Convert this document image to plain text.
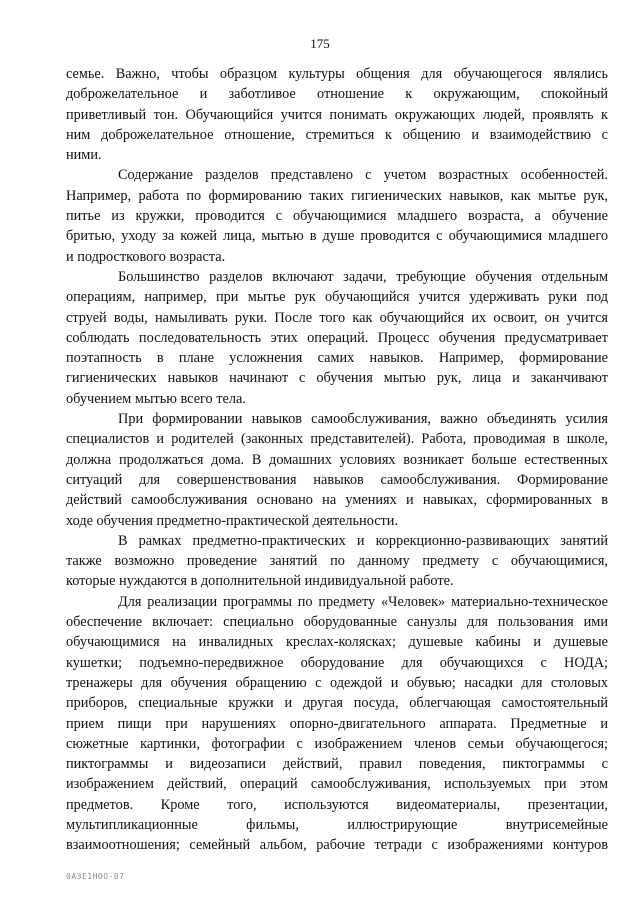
175
семье. Важно, чтобы образцом культуры общения для обучающегося являлись
доброжелательное и заботливое отношение к окружающим, спокойный
приветливый тон. Обучающийся учится понимать окружающих людей, проявлять к
ним доброжелательное отношение, стремиться к общению и взаимодействию с
ними.
Содержание разделов представлено с учетом возрастных особенностей.
Например, работа по формированию таких гигиенических навыков, как мытье рук,
питье из кружки, проводится с обучающимися младшего возраста, а обучение
бритью, уходу за кожей лица, мытью в душе проводится с обучающимися младшего
и подросткового возраста.
Большинство разделов включают задачи, требующие обучения отдельным
операциям, например, при мытье рук обучающийся учится удерживать руки под
струей воды, намыливать руки. После того как обучающийся их освоит, он учится
соблюдать последовательность этих операций. Процесс обучения предусматривает
поэтапность в плане усложнения самих навыков. Например, формирование
гигиенических навыков начинают с обучения мытью рук, лица и заканчивают
обучением мытью всего тела.
При формировании навыков самообслуживания, важно объединять усилия
специалистов и родителей (законных представителей). Работа, проводимая в школе,
должна продолжаться дома. В домашних условиях возникает больше естественных
ситуаций для совершенствования навыков самообслуживания. Формирование
действий самообслуживания основано на умениях и навыках, сформированных в
ходе обучения предметно-практической деятельности.
В рамках предметно-практических и коррекционно-развивающих занятий
также возможно проведение занятий по данному предмету с обучающимися,
которые нуждаются в дополнительной индивидуальной работе.
Для реализации программы по предмету «Человек» материально-техническое
обеспечение включает: специально оборудованные санузлы для пользования ими
обучающимися на инвалидных креслах-колясках; душевые кабины и душевые
кушетки; подъемно-передвижное оборудование для обучающихся с НОДА;
тренажеры для обучения обращению с одеждой и обувью; насадки для столовых
приборов, специальные кружки и другая посуда, облегчающая самостоятельный
прием пищи при нарушениях опорно-двигательного аппарата. Предметные и
сюжетные картинки, фотографии с изображением членов семьи обучающегося;
пиктограммы и видеозаписи действий, правил поведения, пиктограммы с
изображением действий, операций самообслуживания, используемых при этом
предметов. Кроме того, используются видеоматериалы, презентации,
мультипликационные фильмы, иллюстрирующие внутрисемейные
взаимоотношения; семейный альбом, рабочие тетради с изображениями контуров
0АЗЕ1НОО-07
